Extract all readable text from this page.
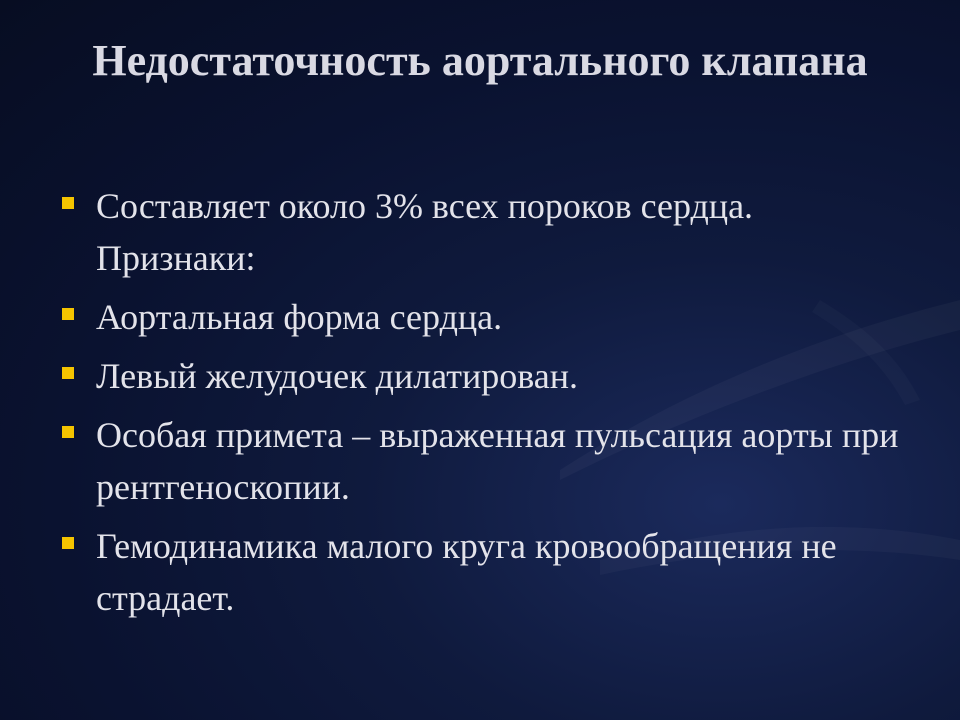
Недостаточность аортального клапана
Составляет около 3% всех пороков сердца. Признаки:
Аортальная форма сердца.
Левый желудочек дилатирован.
Особая примета – выраженная пульсация аорты при рентгеноскопии.
Гемодинамика малого круга кровообращения не страдает.
